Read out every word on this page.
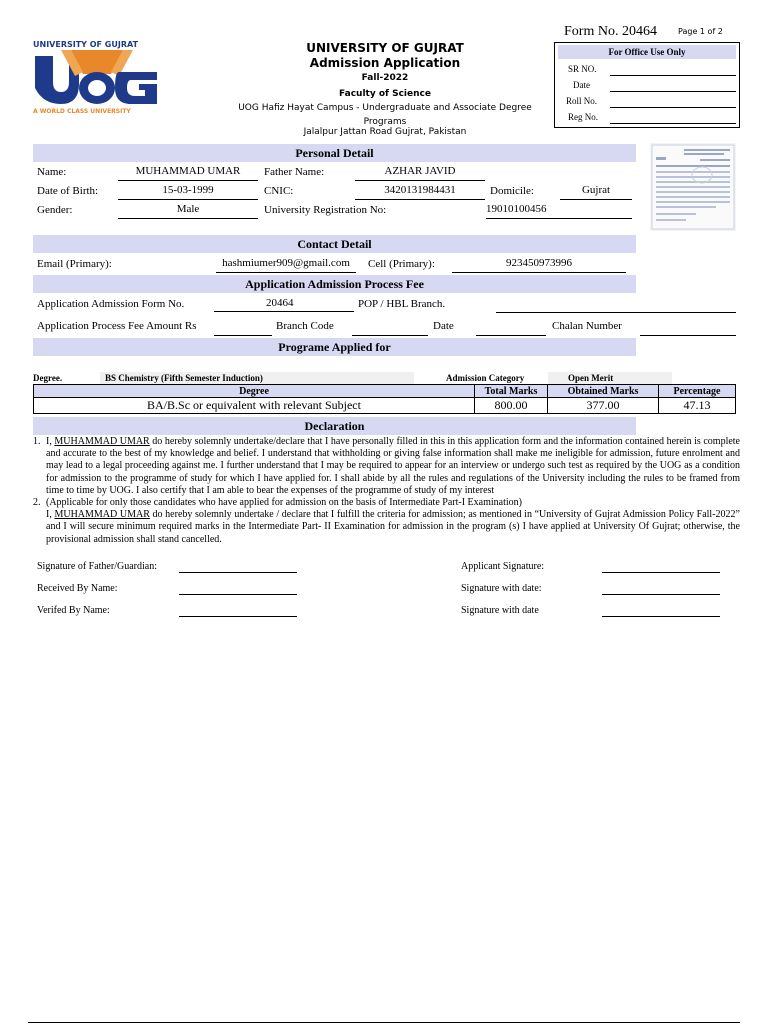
UNIVERSITY OF GUJRAT
A WORLD CLASS UNIVERSITY
UNIVERSITY OF GUJRAT
Admission Application
Fall-2022
Faculty of Science
UOG Hafiz Hayat Campus - Undergraduate and Associate Degree Programs
Jalalpur Jattan Road Gujrat, Pakistan
Form No. 20464	Page 1 of 2
For Office Use Only
SR NO.
Date
Roll No.
Reg No.
Personal Detail
Name:	MUHAMMAD UMAR	Father Name:	AZHAR JAVID
Date of Birth:	15-03-1999	CNIC:	3420131984431	Domicile:	Gujrat
Gender:	Male	University Registration No:	19010100456
Contact Detail
Email (Primary):	hashmiumer909@gmail.com	Cell (Primary):	923450973996
Application Admission Process Fee
Application Admission Form No.	20464	POP / HBL Branch.
Application Process Fee Amount Rs	Branch Code	Date	Chalan Number
Programe Applied for
Degree.	BS Chemistry (Fifth Semester Induction)	Admission Category	Open Merit
Degree	Total Marks	Obtained Marks	Percentage
BA/B.Sc or equivalent with relevant Subject	800.00	377.00	47.13
Declaration
1. I, MUHAMMAD UMAR do hereby solemnly undertake/declare that I have personally filled in this in this application form and the information contained herein is complete and accurate to the best of my knowledge and belief. I understand that withholding or giving false information shall make me ineligible for admission, future enrolment and may lead to a legal proceeding against me. I further understand that I may be required to appear for an interview or undergo such test as required by the UOG as a condition for admission to the programme of study for which I have applied for. I shall abide by all the rules and regulations of the University including the rules to be framed from time to time by UOG. I also certify that I am able to bear the expenses of the programme of study of my interest
2. (Applicable for only those candidates who have applied for admission on the basis of Intermediate Part-I Examination)
I, MUHAMMAD UMAR do hereby solemnly undertake / declare that I fulfill the criteria for admission; as mentioned in “University of Gujrat Admission Policy Fall-2022” and I will secure minimum required marks in the Intermediate Part- II Examination for admission in the program (s) I have applied at University Of Gujrat; otherwise, the provisional admission shall stand cancelled.
Signature of Father/Guardian:	Applicant Signature:
Received By Name:	Signature with date:
Verifed By Name:	Signature with date
